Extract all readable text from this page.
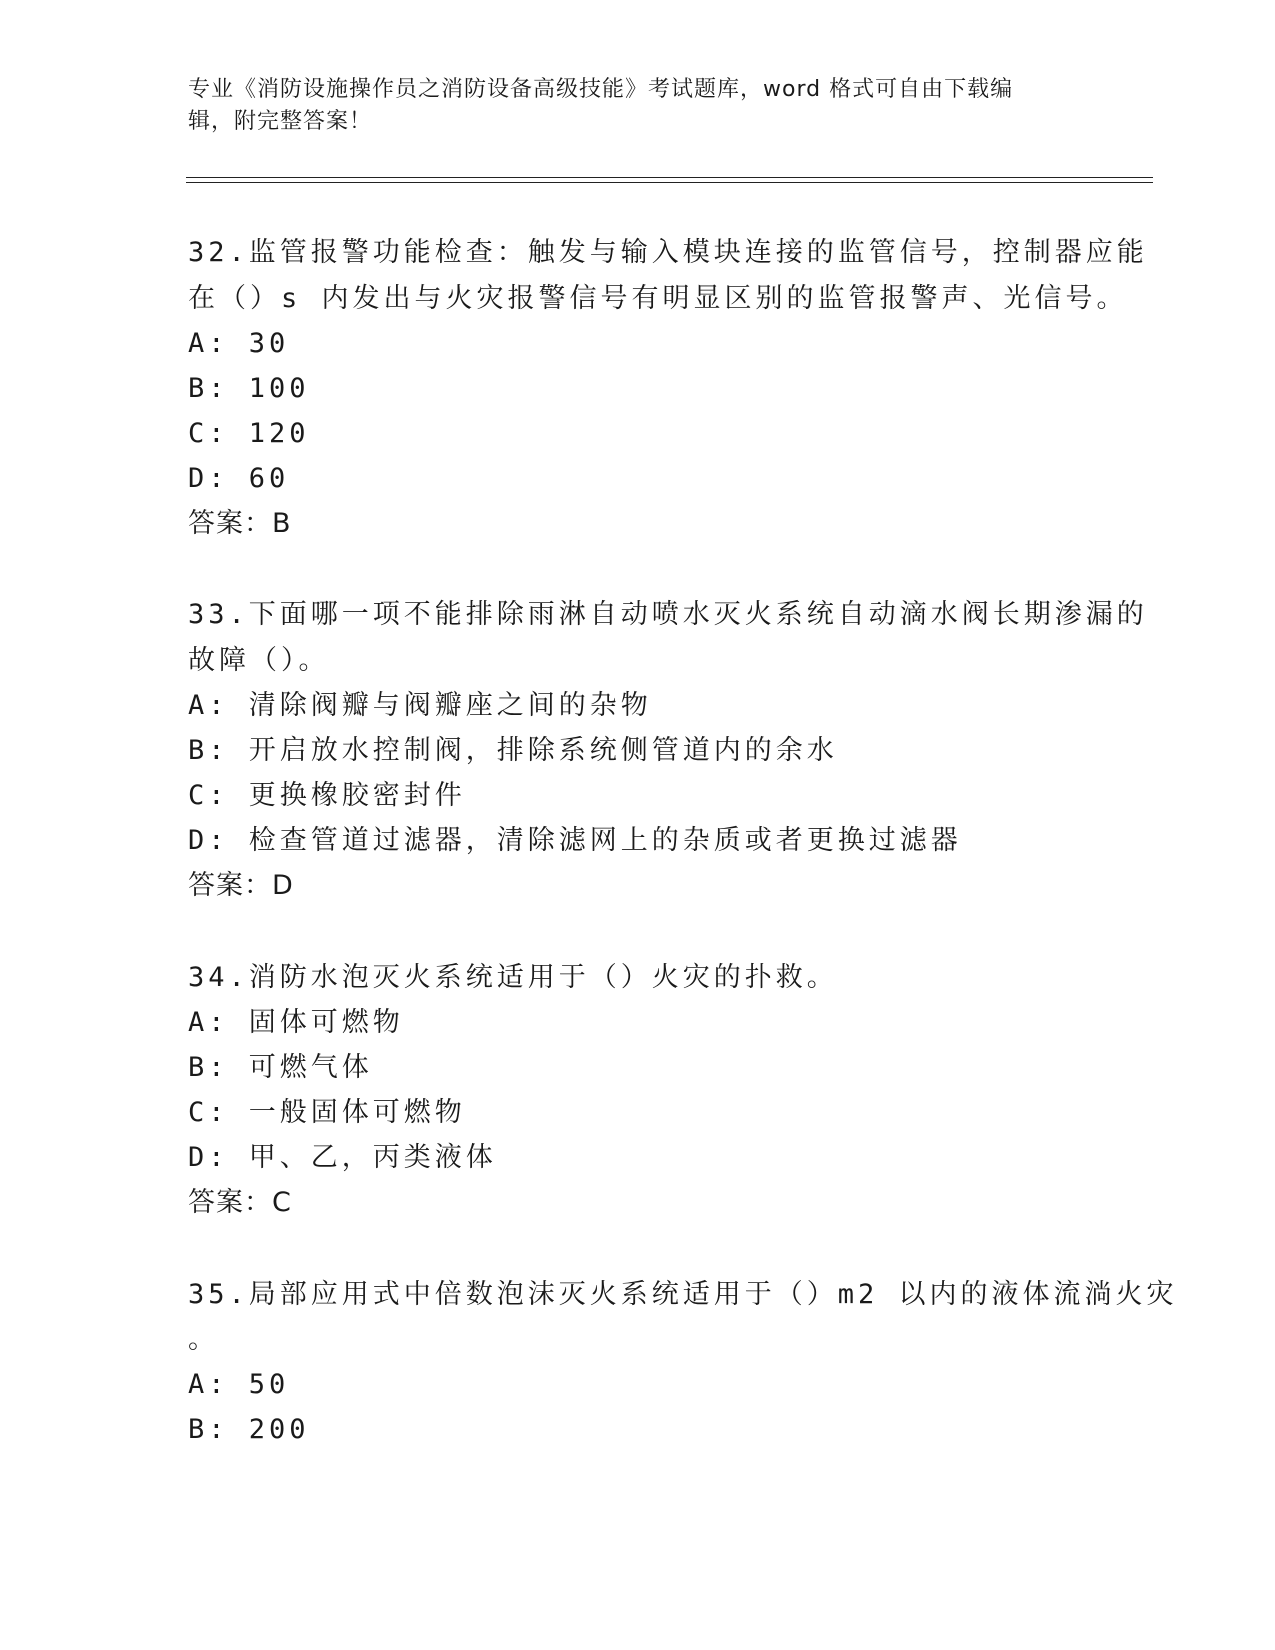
专业《消防设施操作员之消防设备高级技能》考试题库，word 格式可自由下载编
辑，附完整答案！
32.监管报警功能检查：触发与输入模块连接的监管信号，控制器应能
在（）s 内发出与火灾报警信号有明显区别的监管报警声、光信号。
A: 30
B: 100
C: 120
D: 60
答案：B
33.下面哪一项不能排除雨淋自动喷水灭火系统自动滴水阀长期渗漏的
故障（）。
A: 清除阀瓣与阀瓣座之间的杂物
B: 开启放水控制阀，排除系统侧管道内的余水
C: 更换橡胶密封件
D: 检查管道过滤器，清除滤网上的杂质或者更换过滤器
答案：D
34.消防水泡灭火系统适用于（）火灾的扑救。
A: 固体可燃物
B: 可燃气体
C: 一般固体可燃物
D: 甲、乙，丙类液体
答案：C
35.局部应用式中倍数泡沫灭火系统适用于（）m2 以内的液体流淌火灾
。
A: 50
B: 200
